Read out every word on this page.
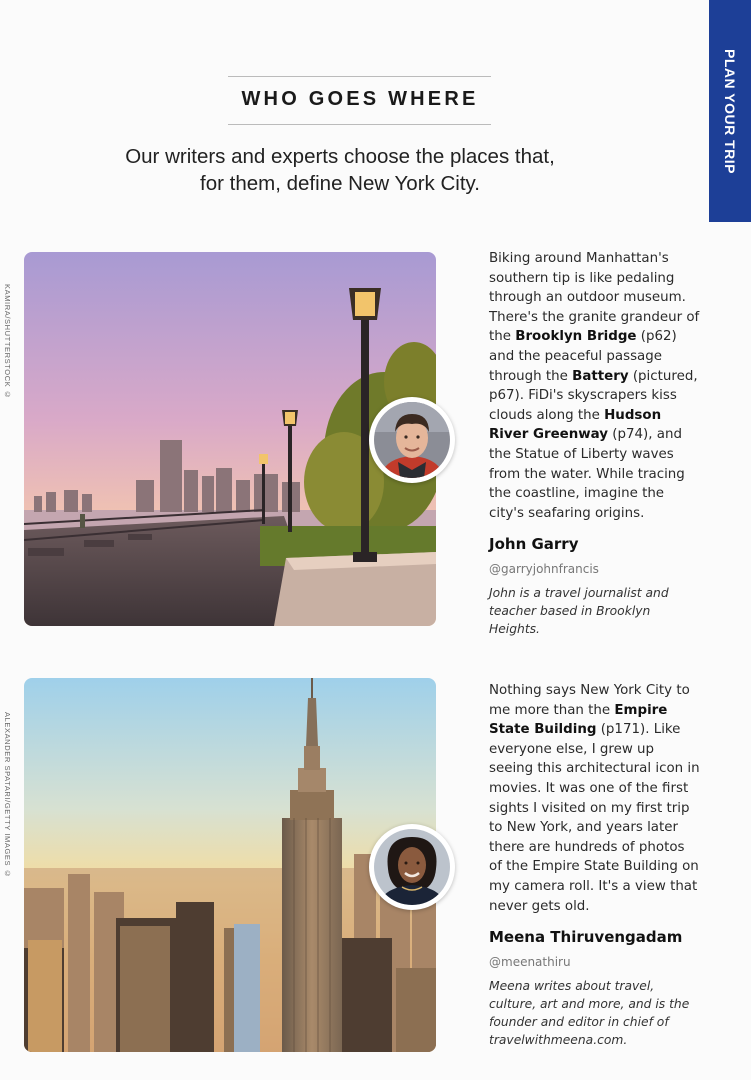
PLAN YOUR TRIP
WHO GOES WHERE
Our writers and experts choose the places that,
for them, define New York City.
KAMIRA/SHUTTERSTOCK ©
Biking around Manhattan's southern tip is like pedaling through an outdoor museum. There's the granite grandeur of the Brooklyn Bridge (p62) and the peaceful passage through the Battery (pictured, p67). FiDi's skyscrapers kiss clouds along the Hudson River Greenway (p74), and the Statue of Liberty waves from the water. While tracing the coastline, imagine the city's seafaring origins.
John Garry
@garryjohnfrancis
John is a travel journalist and teacher based in Brooklyn Heights.
ALEXANDER SPATARI/GETTY IMAGES ©
Nothing says New York City to me more than the Empire State Building (p171). Like everyone else, I grew up seeing this architectural icon in movies. It was one of the first sights I visited on my first trip to New York, and years later there are hundreds of photos of the Empire State Building on my camera roll. It's a view that never gets old.
Meena Thiruvengadam
@meenathiru
Meena writes about travel, culture, art and more, and is the founder and editor in chief of travelwithmeena.com.
